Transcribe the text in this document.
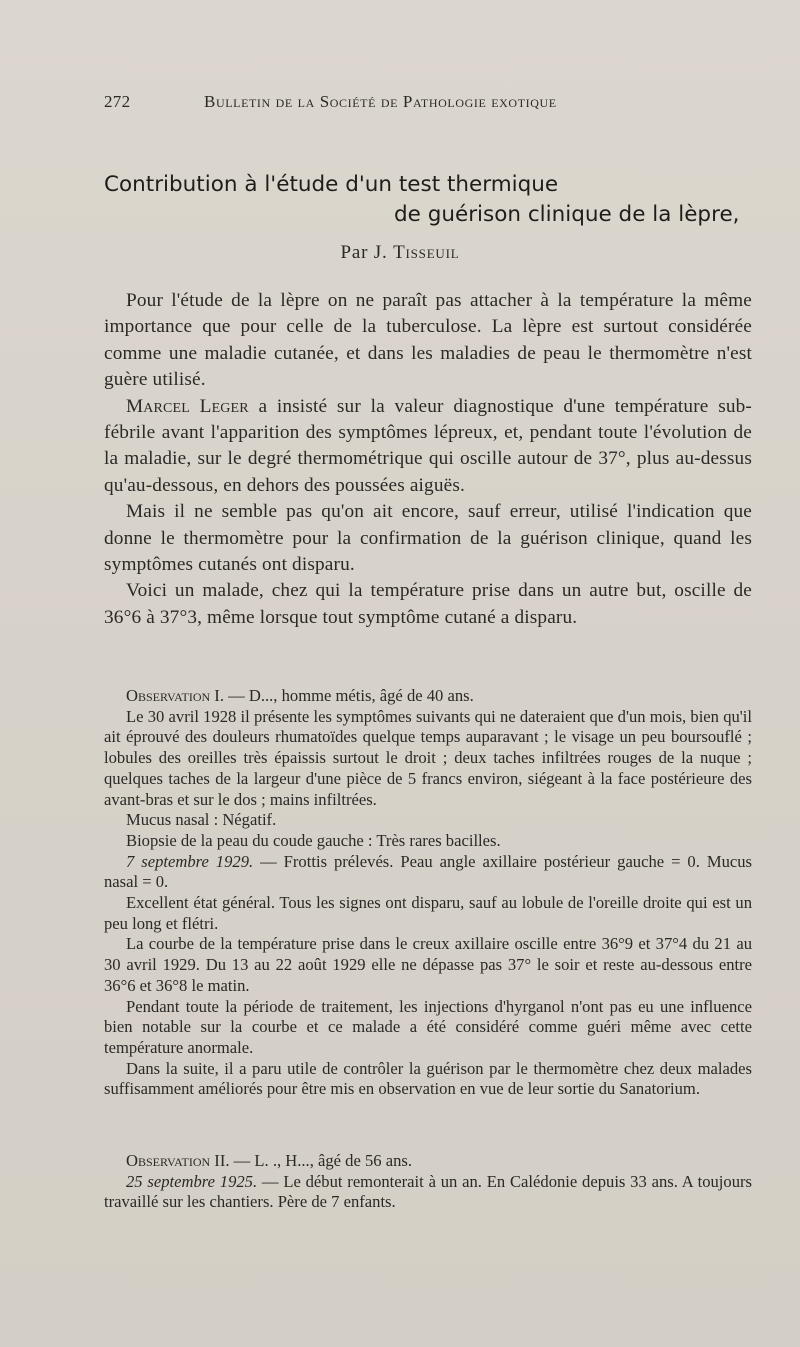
272	Bulletin de la Société de Pathologie exotique
Contribution à l'étude d'un test thermique
de guérison clinique de la lèpre,
Par J. Tisseuil

Pour l'étude de la lèpre on ne paraît pas attacher à la température la même importance que pour celle de la tuberculose. La lèpre est surtout considérée comme une maladie cutanée, et dans les maladies de peau le thermomètre n'est guère utilisé.

Marcel Leger a insisté sur la valeur diagnostique d'une température sub-fébrile avant l'apparition des symptômes lépreux, et, pendant toute l'évolution de la maladie, sur le degré thermométrique qui oscille autour de 37°, plus au-dessus qu'au-dessous, en dehors des poussées aiguës.

Mais il ne semble pas qu'on ait encore, sauf erreur, utilisé l'indication que donne le thermomètre pour la confirmation de la guérison clinique, quand les symptômes cutanés ont disparu.

Voici un malade, chez qui la température prise dans un autre but, oscille de 36°6 à 37°3, même lorsque tout symptôme cutané a disparu.

Observation I. — D..., homme métis, âgé de 40 ans.

Le 30 avril 1928 il présente les symptômes suivants qui ne dateraient que d'un mois, bien qu'il ait éprouvé des douleurs rhumatoïdes quelque temps auparavant ; le visage un peu boursouflé ; lobules des oreilles très épaissis surtout le droit ; deux taches infiltrées rouges de la nuque ; quelques taches de la largeur d'une pièce de 5 francs environ, siégeant à la face postérieure des avant-bras et sur le dos ; mains infiltrées.

Mucus nasal : Négatif.

Biopsie de la peau du coude gauche : Très rares bacilles.

7 septembre 1929. — Frottis prélevés. Peau angle axillaire postérieur gauche = 0. Mucus nasal = 0.

Excellent état général. Tous les signes ont disparu, sauf au lobule de l'oreille droite qui est un peu long et flétri.

La courbe de la température prise dans le creux axillaire oscille entre 36°9 et 37°4 du 21 au 30 avril 1929. Du 13 au 22 août 1929 elle ne dépasse pas 37° le soir et reste au-dessous entre 36°6 et 36°8 le matin.

Pendant toute la période de traitement, les injections d'hyrganol n'ont pas eu une influence bien notable sur la courbe et ce malade a été considéré comme guéri même avec cette température anormale.

Dans la suite, il a paru utile de contrôler la guérison par le thermomètre chez deux malades suffisamment améliorés pour être mis en observation en vue de leur sortie du Sanatorium.

Observation II. — L. ., H..., âgé de 56 ans.

25 septembre 1925. — Le début remonterait à un an. En Calédonie depuis 33 ans. A toujours travaillé sur les chantiers. Père de 7 enfants.
